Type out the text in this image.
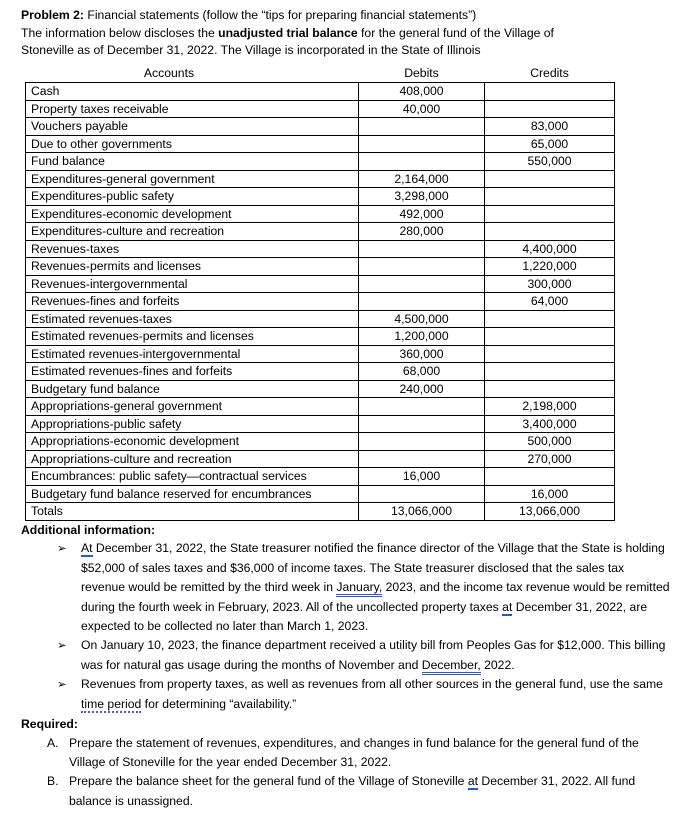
Problem 2: Financial statements (follow the “tips for preparing financial statements”)
The information below discloses the unadjusted trial balance for the general fund of the Village of
Stoneville as of December 31, 2022. The Village is incorporated in the State of Illinois

Accounts	Debits	Credits
Cash	408,000	
Property taxes receivable	40,000	
Vouchers payable		83,000
Due to other governments		65,000
Fund balance		550,000
Expenditures-general government	2,164,000	
Expenditures-public safety	3,298,000	
Expenditures-economic development	492,000	
Expenditures-culture and recreation	280,000	
Revenues-taxes		4,400,000
Revenues-permits and licenses		1,220,000
Revenues-intergovernmental		300,000
Revenues-fines and forfeits		64,000
Estimated revenues-taxes	4,500,000	
Estimated revenues-permits and licenses	1,200,000	
Estimated revenues-intergovernmental	360,000	
Estimated revenues-fines and forfeits	68,000	
Budgetary fund balance	240,000	
Appropriations-general government		2,198,000
Appropriations-public safety		3,400,000
Appropriations-economic development		500,000
Appropriations-culture and recreation		270,000
Encumbrances: public safety—contractual services	16,000	
Budgetary fund balance reserved for encumbrances		16,000
Totals	13,066,000	13,066,000
Additional information:
➢ At December 31, 2022, the State treasurer notified the finance director of the Village that the State is holding $52,000 of sales taxes and $36,000 of income taxes. The State treasurer disclosed that the sales tax revenue would be remitted by the third week in January, 2023, and the income tax revenue would be remitted during the fourth week in February, 2023. All of the uncollected property taxes at December 31, 2022, are expected to be collected no later than March 1, 2023.
➢ On January 10, 2023, the finance department received a utility bill from Peoples Gas for $12,000. This billing was for natural gas usage during the months of November and December, 2022.
➢ Revenues from property taxes, as well as revenues from all other sources in the general fund, use the same time period for determining “availability.”
Required:
A. Prepare the statement of revenues, expenditures, and changes in fund balance for the general fund of the Village of Stoneville for the year ended December 31, 2022.
B. Prepare the balance sheet for the general fund of the Village of Stoneville at December 31, 2022. All fund balance is unassigned.
